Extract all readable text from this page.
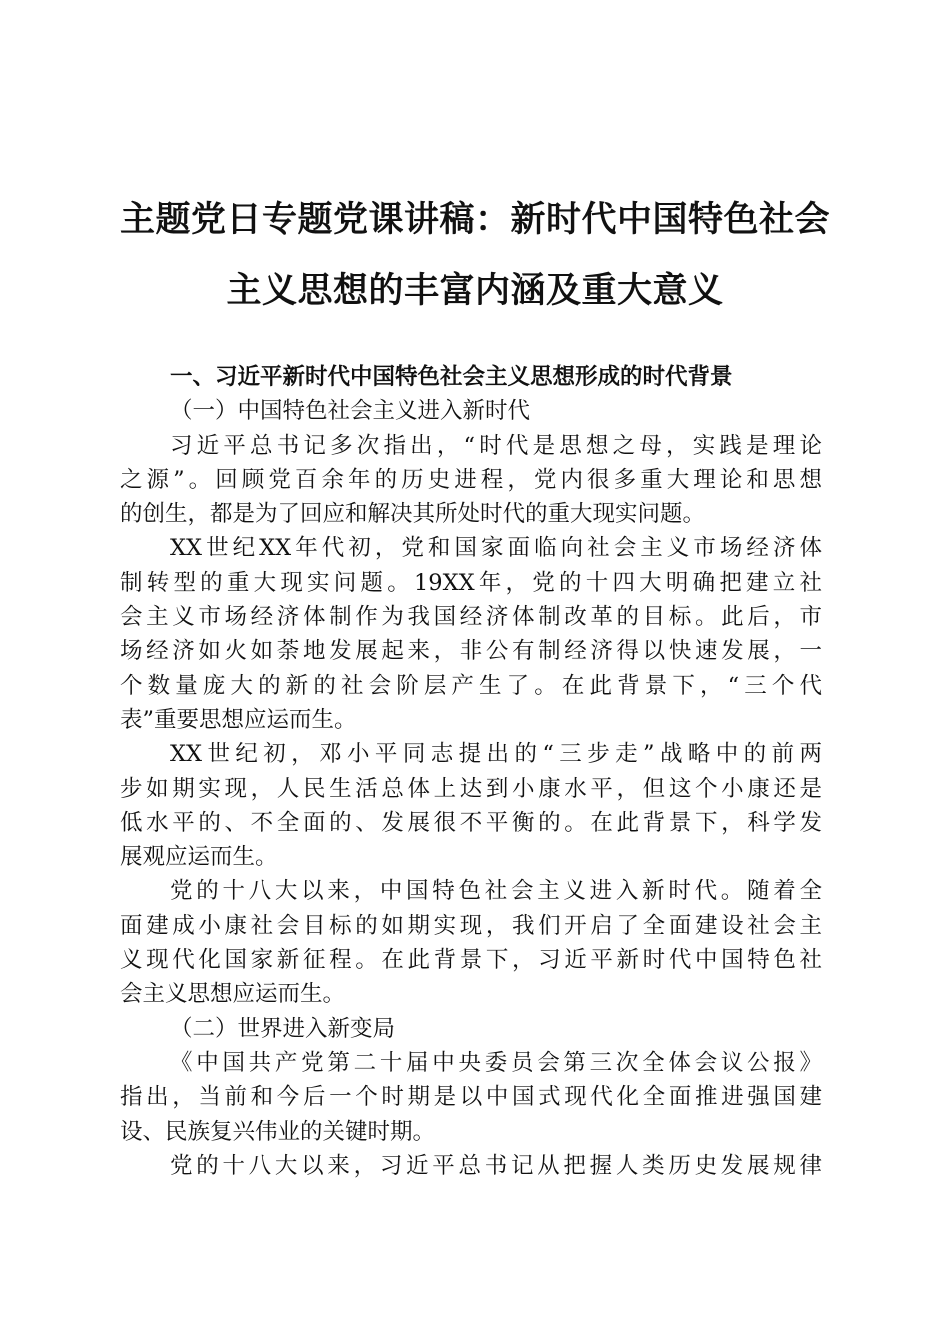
主题党日专题党课讲稿：新时代中国特色社会
主义思想的丰富内涵及重大意义
一、习近平新时代中国特色社会主义思想形成的时代背景
（一）中国特色社会主义进入新时代
习近平总书记多次指出，“时代是思想之母，实践是理论
之源”。回顾党百余年的历史进程，党内很多重大理论和思想
的创生，都是为了回应和解决其所处时代的重大现实问题。
XX世纪XX年代初，党和国家面临向社会主义市场经济体
制转型的重大现实问题。19XX年，党的十四大明确把建立社
会主义市场经济体制作为我国经济体制改革的目标。此后，市
场经济如火如荼地发展起来，非公有制经济得以快速发展，一
个数量庞大的新的社会阶层产生了。在此背景下，“三个代
表”重要思想应运而生。
XX世纪初，邓小平同志提出的“三步走”战略中的前两
步如期实现，人民生活总体上达到小康水平，但这个小康还是
低水平的、不全面的、发展很不平衡的。在此背景下，科学发
展观应运而生。
党的十八大以来，中国特色社会主义进入新时代。随着全
面建成小康社会目标的如期实现，我们开启了全面建设社会主
义现代化国家新征程。在此背景下，习近平新时代中国特色社
会主义思想应运而生。
（二）世界进入新变局
《中国共产党第二十届中央委员会第三次全体会议公报》
指出，当前和今后一个时期是以中国式现代化全面推进强国建
设、民族复兴伟业的关键时期。
党的十八大以来，习近平总书记从把握人类历史发展规律
